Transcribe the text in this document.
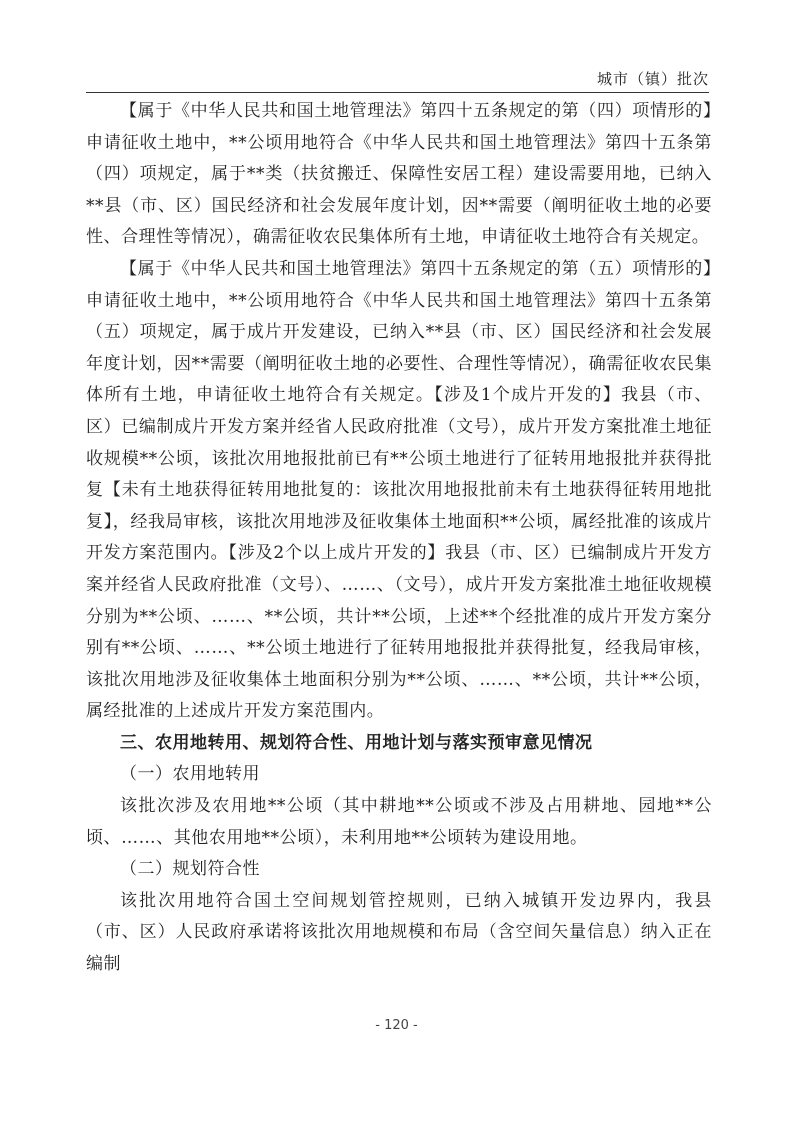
城市（镇）批次

【属于《中华人民共和国土地管理法》第四十五条规定的第（四）项情形的】申请征收土地中，**公顷用地符合《中华人民共和国土地管理法》第四十五条第（四）项规定，属于**类（扶贫搬迁、保障性安居工程）建设需要用地，已纳入**县（市、区）国民经济和社会发展年度计划，因**需要（阐明征收土地的必要性、合理性等情况），确需征收农民集体所有土地，申请征收土地符合有关规定。

【属于《中华人民共和国土地管理法》第四十五条规定的第（五）项情形的】申请征收土地中，**公顷用地符合《中华人民共和国土地管理法》第四十五条第（五）项规定，属于成片开发建设，已纳入**县（市、区）国民经济和社会发展年度计划，因**需要（阐明征收土地的必要性、合理性等情况），确需征收农民集体所有土地，申请征收土地符合有关规定。【涉及1个成片开发的】我县（市、区）已编制成片开发方案并经省人民政府批准（文号），成片开发方案批准土地征收规模**公顷，该批次用地报批前已有**公顷土地进行了征转用地报批并获得批复【未有土地获得征转用地批复的：该批次用地报批前未有土地获得征转用地批复】，经我局审核，该批次用地涉及征收集体土地面积**公顷，属经批准的该成片开发方案范围内。【涉及2个以上成片开发的】我县（市、区）已编制成片开发方案并经省人民政府批准（文号）、……、（文号），成片开发方案批准土地征收规模分别为**公顷、……、**公顷，共计**公顷，上述**个经批准的成片开发方案分别有**公顷、……、**公顷土地进行了征转用地报批并获得批复，经我局审核，该批次用地涉及征收集体土地面积分别为**公顷、……、**公顷，共计**公顷，属经批准的上述成片开发方案范围内。

三、农用地转用、规划符合性、用地计划与落实预审意见情况

（一）农用地转用

该批次涉及农用地**公顷（其中耕地**公顷或不涉及占用耕地、园地**公顷、……、其他农用地**公顷），未利用地**公顷转为建设用地。

（二）规划符合性

该批次用地符合国土空间规划管控规则，已纳入城镇开发边界内，我县（市、区）人民政府承诺将该批次用地规模和布局（含空间矢量信息）纳入正在编制

- 120 -
